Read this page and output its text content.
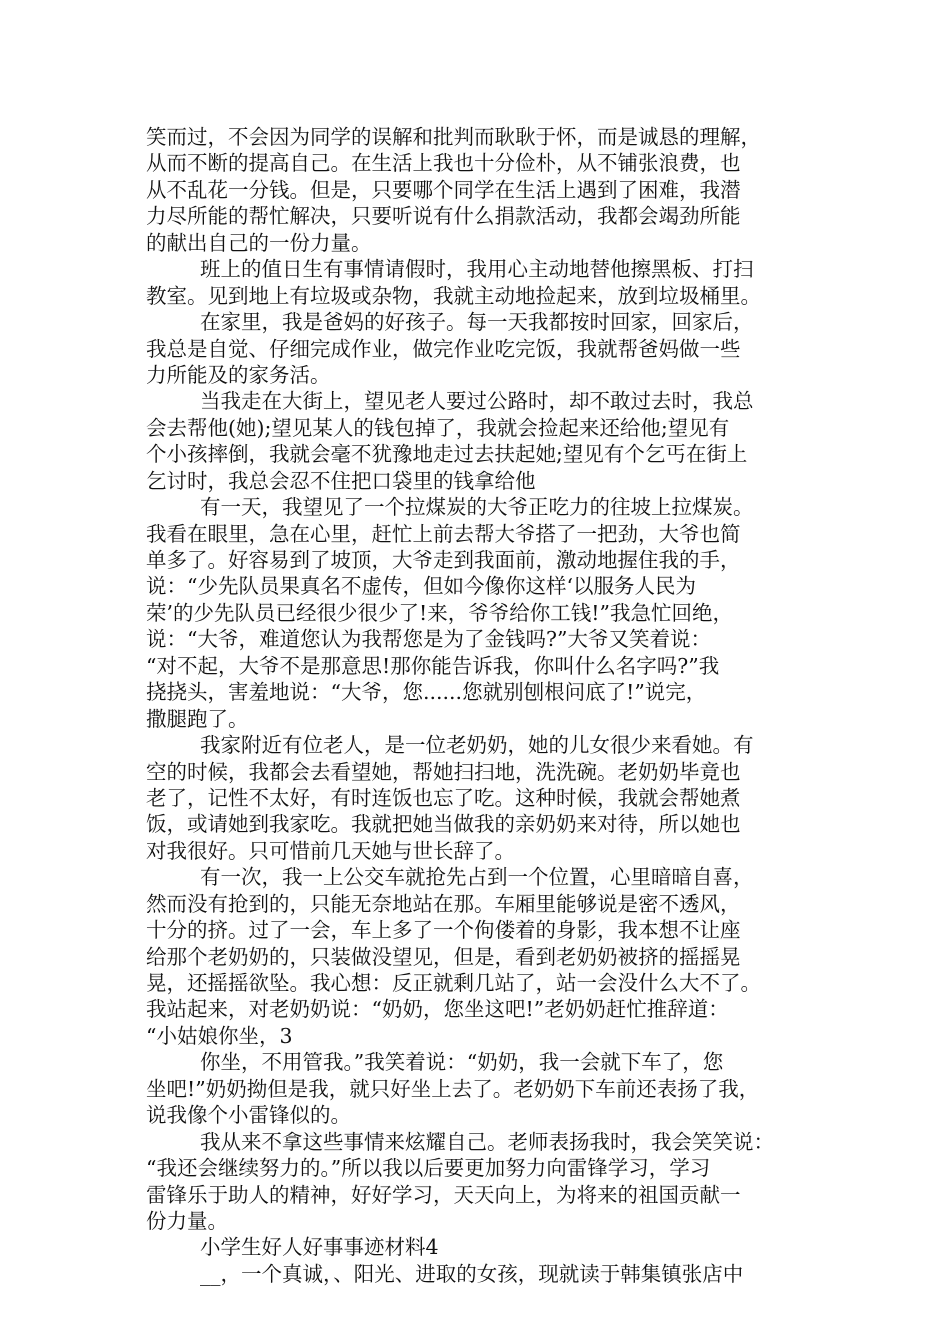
笑而过，不会因为同学的误解和批判而耿耿于怀，而是诚恳的理解，
从而不断的提高自己。在生活上我也十分俭朴，从不铺张浪费，也
从不乱花一分钱。但是，只要哪个同学在生活上遇到了困难，我潜
力尽所能的帮忙解决，只要听说有什么捐款活动，我都会竭劲所能
的献出自己的一份力量。
班上的值日生有事情请假时，我用心主动地替他擦黑板、打扫
教室。见到地上有垃圾或杂物，我就主动地捡起来，放到垃圾桶里。
在家里，我是爸妈的好孩子。每一天我都按时回家，回家后，
我总是自觉、仔细完成作业，做完作业吃完饭，我就帮爸妈做一些
力所能及的家务活。
当我走在大街上，望见老人要过公路时，却不敢过去时，我总
会去帮他(她);望见某人的钱包掉了，我就会捡起来还给他;望见有
个小孩摔倒，我就会毫不犹豫地走过去扶起她;望见有个乞丐在街上
乞讨时，我总会忍不住把口袋里的钱拿给他
有一天，我望见了一个拉煤炭的大爷正吃力的往坡上拉煤炭。
我看在眼里，急在心里，赶忙上前去帮大爷搭了一把劲，大爷也简
单多了。好容易到了坡顶，大爷走到我面前，激动地握住我的手，
说：“少先队员果真名不虚传，但如今像你这样‘以服务人民为
荣’的少先队员已经很少很少了!来，爷爷给你工钱!”我急忙回绝，
说：“大爷，难道您认为我帮您是为了金钱吗?”大爷又笑着说：
“对不起，大爷不是那意思!那你能告诉我，你叫什么名字吗?”我
挠挠头，害羞地说：“大爷，您......您就别刨根问底了!”说完，
撒腿跑了。
我家附近有位老人，是一位老奶奶，她的儿女很少来看她。有
空的时候，我都会去看望她，帮她扫扫地，洗洗碗。老奶奶毕竟也
老了，记性不太好，有时连饭也忘了吃。这种时候，我就会帮她煮
饭，或请她到我家吃。我就把她当做我的亲奶奶来对待，所以她也
对我很好。只可惜前几天她与世长辞了。
有一次，我一上公交车就抢先占到一个位置，心里暗暗自喜，
然而没有抢到的，只能无奈地站在那。车厢里能够说是密不透风，
十分的挤。过了一会，车上多了一个佝偻着的身影，我本想不让座
给那个老奶奶的，只装做没望见，但是，看到老奶奶被挤的摇摇晃
晃，还摇摇欲坠。我心想：反正就剩几站了，站一会没什么大不了。
我站起来，对老奶奶说：“奶奶，您坐这吧!”老奶奶赶忙推辞道：
“小姑娘你坐，3
你坐，不用管我。”我笑着说：“奶奶，我一会就下车了，您
坐吧!”奶奶拗但是我，就只好坐上去了。老奶奶下车前还表扬了我，
说我像个小雷锋似的。
我从来不拿这些事情来炫耀自己。老师表扬我时，我会笑笑说：
“我还会继续努力的。”所以我以后要更加努力向雷锋学习，学习
雷锋乐于助人的精神，好好学习，天天向上，为将来的祖国贡献一
份力量。
小学生好人好事事迹材料4
__，一个真诚，、阳光、进取的女孩，现就读于韩集镇张店中
